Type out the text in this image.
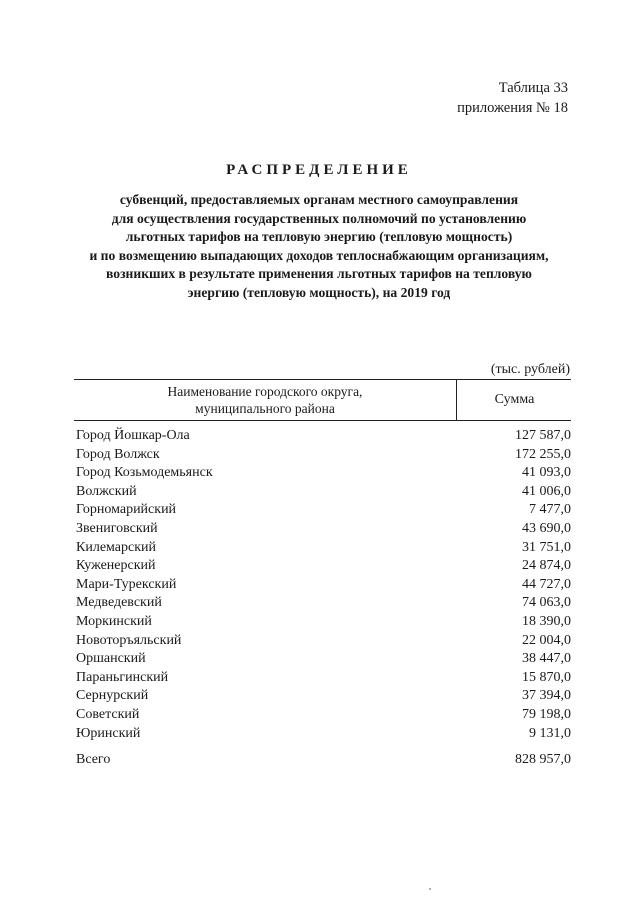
Таблица 33
приложения № 18
РАСПРЕДЕЛЕНИЕ
субвенций, предоставляемых органам местного самоуправления
для осуществления государственных полномочий по установлению
льготных тарифов на тепловую энергию (тепловую мощность)
и по возмещению выпадающих доходов теплоснабжающим организациям,
возникших в результате применения льготных тарифов на тепловую
энергию (тепловую мощность), на 2019 год
(тыс. рублей)
Наименование городского округа,
муниципального района
Сумма
Город Йошкар-Ола	127 587,0
Город Волжск	172 255,0
Город Козьмодемьянск	41 093,0
Волжский	41 006,0
Горномарийский	7 477,0
Звениговский	43 690,0
Килемарский	31 751,0
Куженерский	24 874,0
Мари-Турекский	44 727,0
Медведевский	74 063,0
Моркинский	18 390,0
Новоторъяльский	22 004,0
Оршанский	38 447,0
Параньгинский	15 870,0
Сернурский	37 394,0
Советский	79 198,0
Юринский	9 131,0
Всего	828 957,0
